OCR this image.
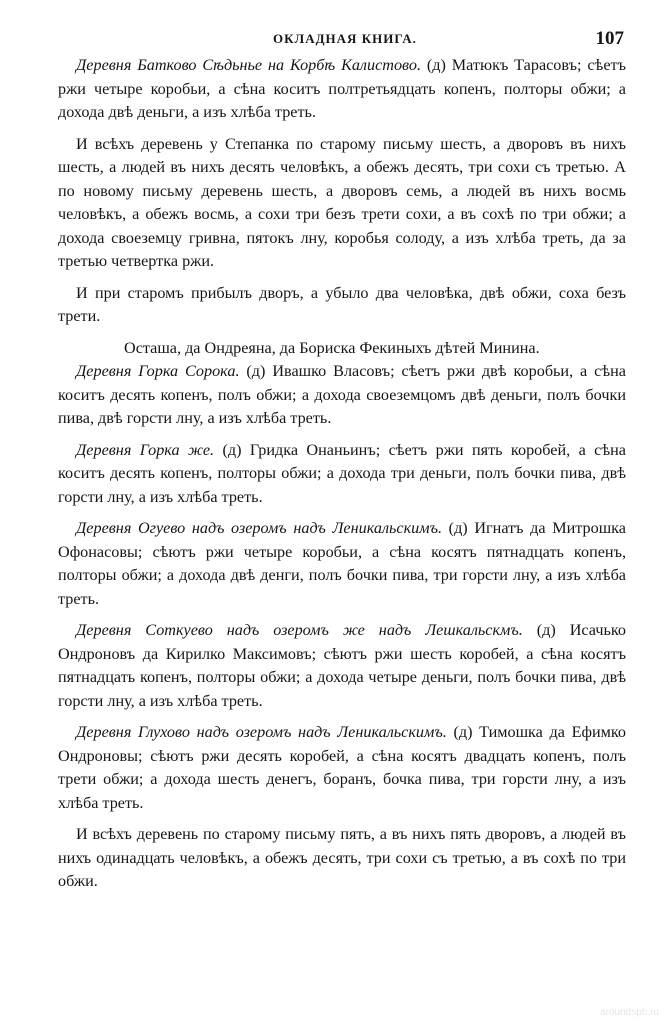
ОКЛАДНАЯ КНИГА.	107

Деревня Батково Сѣдьнье на Корбѣ Калистово. (д) Матюкъ Тарасовъ; сѣетъ ржи четыре коробьи, а сѣна коситъ полтретьядцать копенъ, полторы обжи; а дохода двѣ деньги, а изъ хлѣба треть.

И всѣхъ деревень у Степанка по старому письму шесть, а дворовъ въ нихъ шесть, а людей въ нихъ десять человѣкъ, а обежъ десять, три сохи съ третью. А по новому письму деревень шесть, а дворовъ семь, а людей въ нихъ восмь человѣкъ, а обежъ восмь, а сохи три безъ трети сохи, а въ сохѣ по три обжи; а дохода своеземцу гривна, пятокъ лну, коробья солоду, а изъ хлѣба треть, да за третью четвертка ржи.

И при старомъ прибылъ дворъ, а убыло два человѣка, двѣ обжи, соха безъ трети.

Осташа, да Ондреяна, да Бориска Фекиныхъ дѣтей Минина.

Деревня Горка Сорока. (д) Ивашко Власовъ; сѣетъ ржи двѣ коробьи, а сѣна коситъ десять копенъ, полъ обжи; а дохода своеземцомъ двѣ деньги, полъ бочки пива, двѣ горсти лну, а изъ хлѣба треть.

Деревня Горка же. (д) Гридка Онаньинъ; сѣетъ ржи пять коробей, а сѣна коситъ десять копенъ, полторы обжи; а дохода три деньги, полъ бочки пива, двѣ горсти лну, а изъ хлѣба треть.

Деревня Огуево надъ озеромъ надъ Леникальскимъ. (д) Игнатъ да Митрошка Офонасовы; сѣютъ ржи четыре коробьи, а сѣна косятъ пятнадцать копенъ, полторы обжи; а дохода двѣ денги, полъ бочки пива, три горсти лну, а изъ хлѣба треть.

Деревня Соткуево надъ озеромъ же надъ Лешкальскмъ. (д) Исачько Ондроновъ да Кирилко Максимовъ; сѣютъ ржи шесть коробей, а сѣна косятъ пятнадцать копенъ, полторы обжи; а дохода четыре деньги, полъ бочки пива, двѣ горсти лну, а изъ хлѣба треть.

Деревня Глухово надъ озеромъ надъ Леникальскимъ. (д) Тимошка да Ефимко Ондроновы; сѣютъ ржи десять коробей, а сѣна косятъ двадцать копенъ, полъ трети обжи; а дохода шесть денегъ, боранъ, бочка пива, три горсти лну, а изъ хлѣба треть.

И всѣхъ деревень по старому письму пять, а въ нихъ пять дворовъ, а людей въ нихъ одинадцать человѣкъ, а обежъ десять, три сохи съ третью, а въ сохѣ по три обжи.

aroundspb.ru
